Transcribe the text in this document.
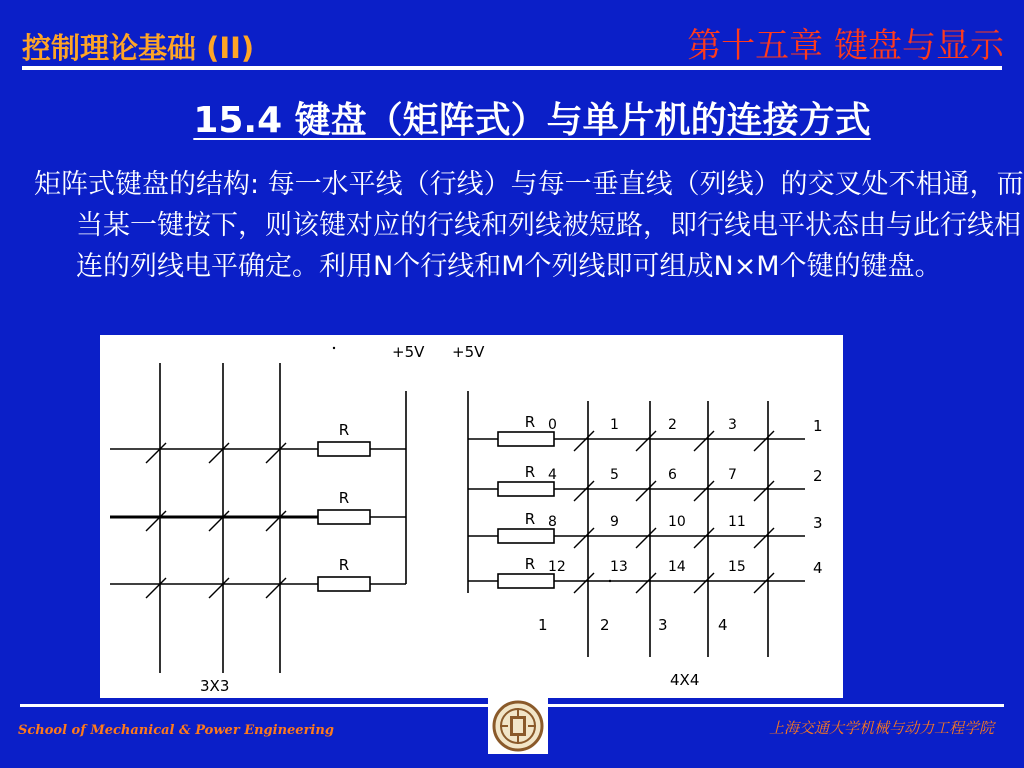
控制理论基础 (II)	第十五章 键盘与显示
15.4 键盘（矩阵式）与单片机的连接方式

矩阵式键盘的结构: 每一水平线（行线）与每一垂直线（列线）的交叉处不相通，而当某一键按下，则该键对应的行线和列线被短路，即行线电平状态由与此行线相连的列线电平确定。利用N个行线和M个列线即可组成N×M个键的键盘。

R
R
R
+5V
3X3
R	1
R	2
R	3
R	4
1	2	3	4
0	1	2	3
4	5	6	7
8	9	10	11
12	13	14	15
+5V
4X4
School of Mechanical & Power Engineering	上海交通大学机械与动力工程学院
